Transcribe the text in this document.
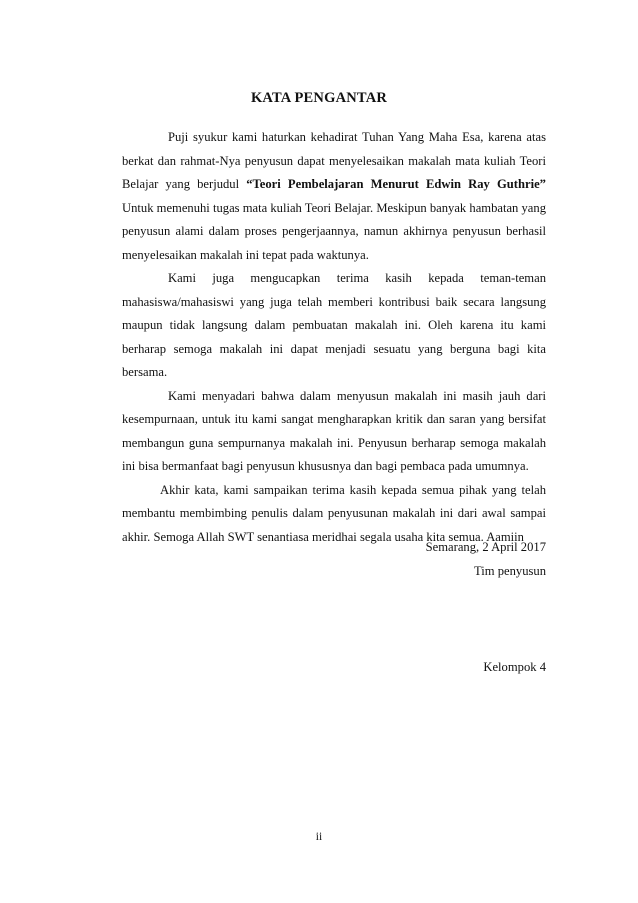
KATA PENGANTAR

Puji syukur kami haturkan kehadirat Tuhan Yang Maha Esa, karena atas berkat dan rahmat-Nya penyusun dapat menyelesaikan makalah mata kuliah Teori Belajar yang berjudul “Teori Pembelajaran Menurut Edwin Ray Guthrie” Untuk memenuhi tugas mata kuliah Teori Belajar. Meskipun banyak hambatan yang penyusun alami dalam proses pengerjaannya, namun akhirnya penyusun berhasil menyelesaikan makalah ini tepat pada waktunya.

Kami juga mengucapkan terima kasih kepada teman-teman mahasiswa/mahasiswi yang juga telah memberi kontribusi baik secara langsung maupun tidak langsung dalam pembuatan makalah ini. Oleh karena itu kami berharap semoga makalah ini dapat menjadi sesuatu yang berguna bagi kita bersama.

Kami menyadari bahwa dalam menyusun makalah ini masih jauh dari kesempurnaan, untuk itu kami sangat mengharapkan kritik dan saran yang bersifat membangun guna sempurnanya makalah ini. Penyusun berharap semoga makalah ini bisa bermanfaat bagi penyusun khususnya dan bagi pembaca pada umumnya.

Akhir kata, kami sampaikan terima kasih kepada semua pihak yang telah membantu membimbing penulis dalam penyusunan makalah ini dari awal sampai akhir. Semoga Allah SWT senantiasa meridhai segala usaha kita semua. Aamiin

Semarang, 2 April 2017
Tim penyusun
Kelompok 4
ii
